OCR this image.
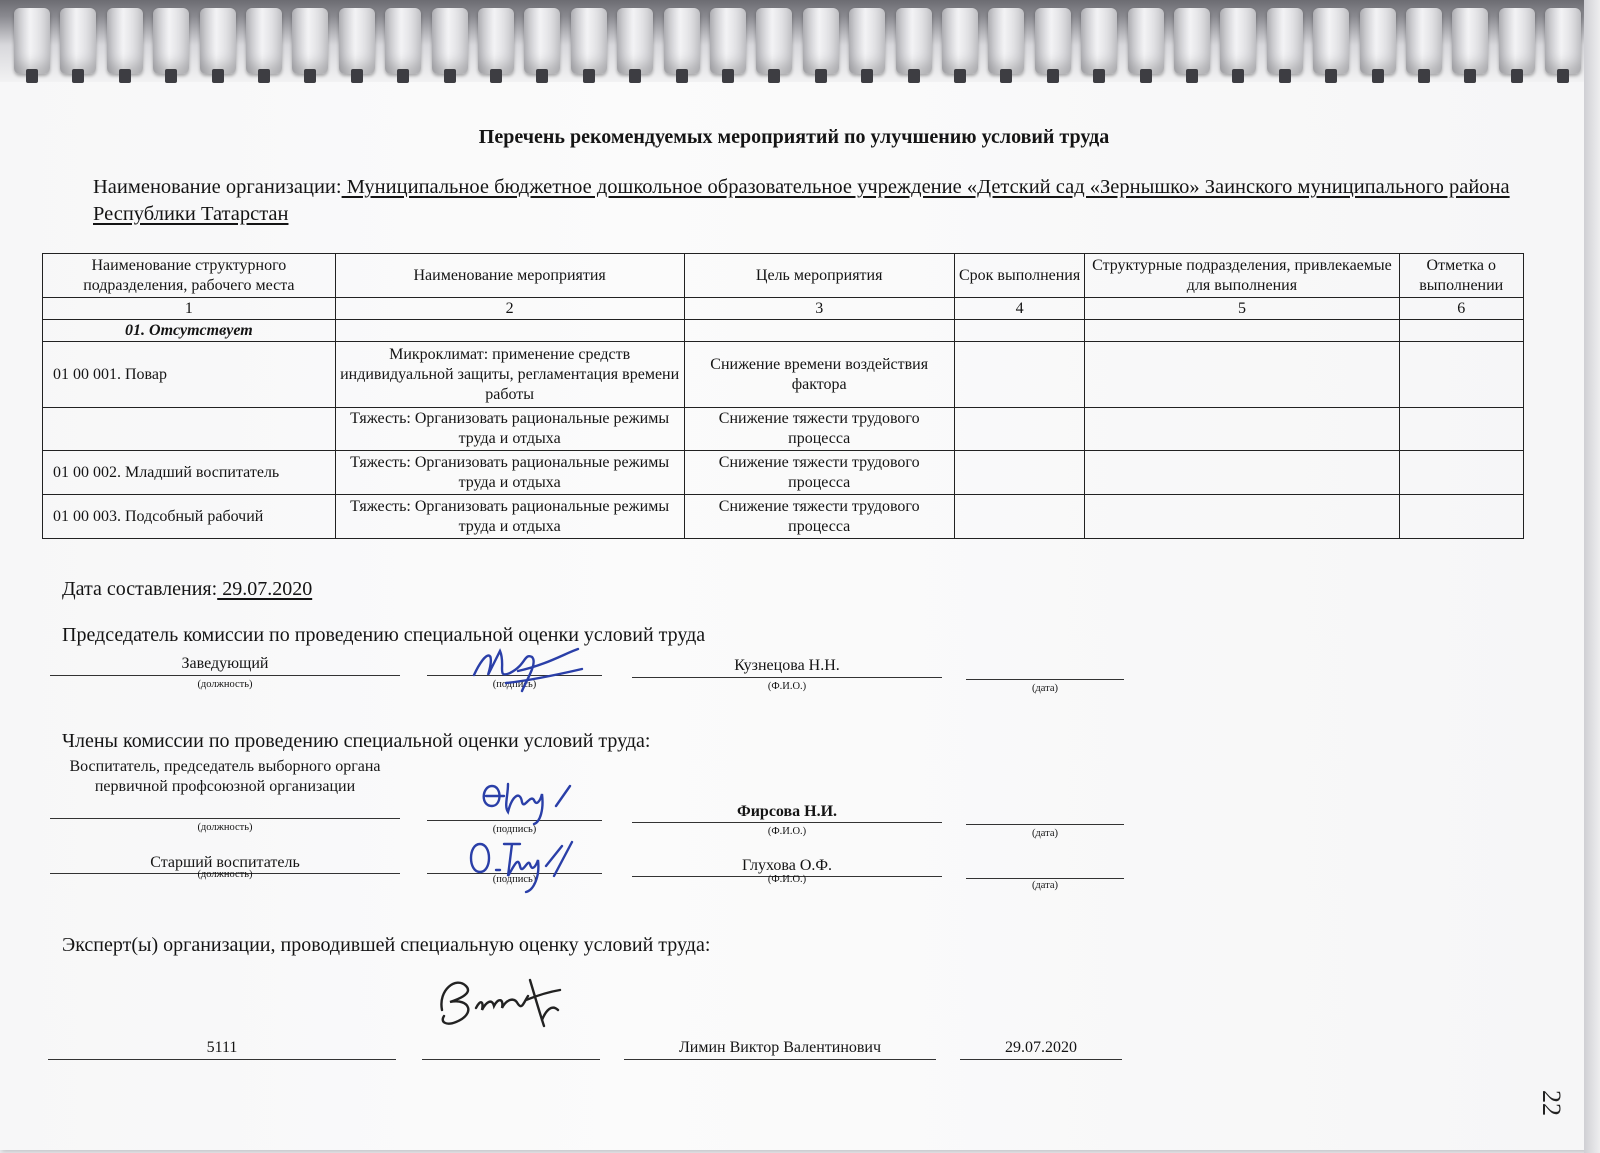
Перечень рекомендуемых мероприятий по улучшению условий труда
Наименование организации: Муниципальное бюджетное дошкольное образовательное учреждение «Детский сад «Зернышко» Заинского муниципального района Республики Татарстан
Наименование структурного подразделения, рабочего места	Наименование мероприятия	Цель мероприятия	Срок выполнения	Структурные подразделения, привлекаемые для выполнения	Отметка о выполнении
1	2	3	4	5	6
01. Отсутствует					
01 00 001. Повар	Микроклимат: применение средств индивидуальной защиты, регламентация времени работы	Снижение времени воздействия фактора			
	Тяжесть: Организовать рациональные режимы труда и отдыха	Снижение тяжести трудового процесса			
01 00 002. Младший воспитатель	Тяжесть: Организовать рациональные режимы труда и отдыха	Снижение тяжести трудового процесса			
01 00 003. Подсобный рабочий	Тяжесть: Организовать рациональные режимы труда и отдыха	Снижение тяжести трудового процесса			
Дата составления: 29.07.2020
Председатель комиссии по проведению специальной оценки условий труда
Заведующий
(должность)	(подпись)
Кузнецова Н.Н.
(Ф.И.О.)	(дата)
Члены комиссии по проведению специальной оценки условий труда:
Воспитатель, председатель выборного органа первичной профсоюзной организации
(должность)	(подпись)
Фирсова Н.И.
(Ф.И.О.)	(дата)
Старший воспитатель
(должность)	(подпись)
Глухова О.Ф.
(Ф.И.О.)
(дата)
Эксперт(ы) организации, проводившей специальную оценку условий труда:
5111	Лимин Виктор Валентинович	29.07.2020
22
